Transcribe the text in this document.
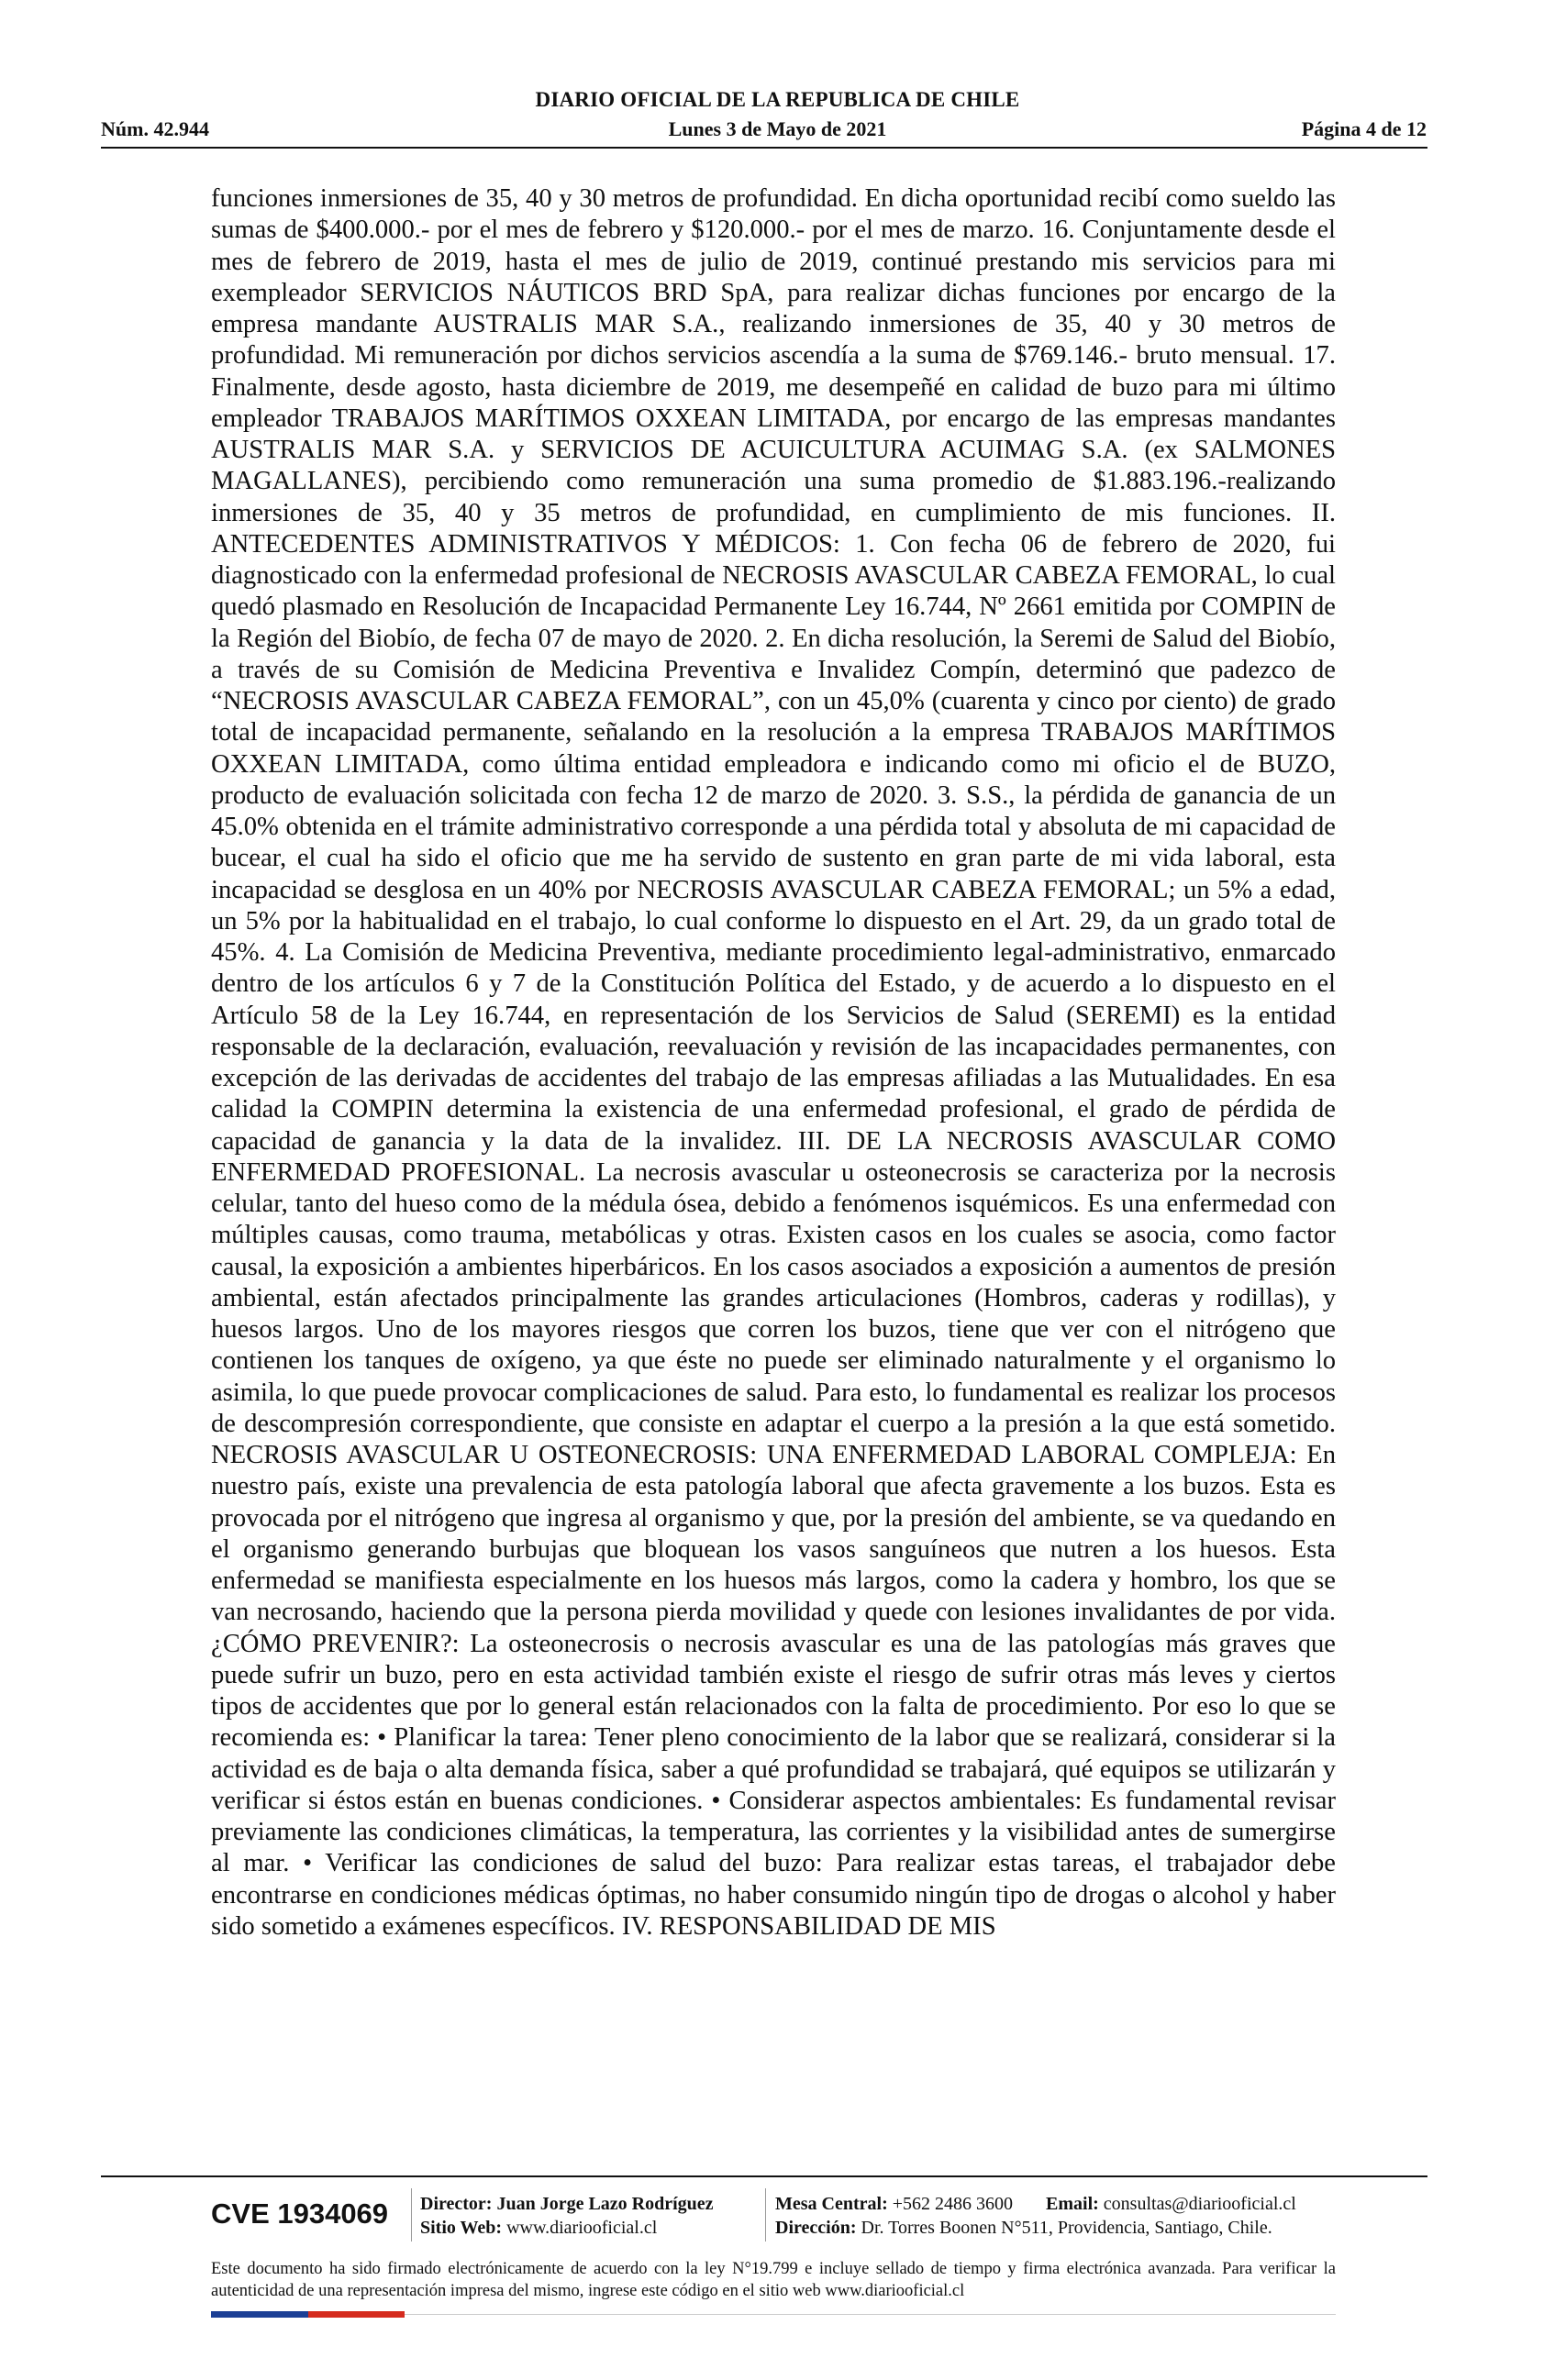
DIARIO OFICIAL DE LA REPUBLICA DE CHILE
Núm. 42.944	Lunes 3 de Mayo de 2021	Página 4 de 12
funciones inmersiones de 35, 40 y 30 metros de profundidad. En dicha oportunidad recibí como sueldo las sumas de $400.000.- por el mes de febrero y $120.000.- por el mes de marzo. 16. Conjuntamente desde el mes de febrero de 2019, hasta el mes de julio de 2019, continué prestando mis servicios para mi exempleador SERVICIOS NÁUTICOS BRD SpA, para realizar dichas funciones por encargo de la empresa mandante AUSTRALIS MAR S.A., realizando inmersiones de 35, 40 y 30 metros de profundidad. Mi remuneración por dichos servicios ascendía a la suma de $769.146.- bruto mensual. 17. Finalmente, desde agosto, hasta diciembre de 2019, me desempeñé en calidad de buzo para mi último empleador TRABAJOS MARÍTIMOS OXXEAN LIMITADA, por encargo de las empresas mandantes AUSTRALIS MAR S.A. y SERVICIOS DE ACUICULTURA ACUIMAG S.A. (ex SALMONES MAGALLANES), percibiendo como remuneración una suma promedio de $1.883.196.-realizando inmersiones de 35, 40 y 35 metros de profundidad, en cumplimiento de mis funciones. II. ANTECEDENTES ADMINISTRATIVOS Y MÉDICOS: 1. Con fecha 06 de febrero de 2020, fui diagnosticado con la enfermedad profesional de NECROSIS AVASCULAR CABEZA FEMORAL, lo cual quedó plasmado en Resolución de Incapacidad Permanente Ley 16.744, Nº 2661 emitida por COMPIN de la Región del Biobío, de fecha 07 de mayo de 2020. 2. En dicha resolución, la Seremi de Salud del Biobío, a través de su Comisión de Medicina Preventiva e Invalidez Compín, determinó que padezco de “NECROSIS AVASCULAR CABEZA FEMORAL”, con un 45,0% (cuarenta y cinco por ciento) de grado total de incapacidad permanente, señalando en la resolución a la empresa TRABAJOS MARÍTIMOS OXXEAN LIMITADA, como última entidad empleadora e indicando como mi oficio el de BUZO, producto de evaluación solicitada con fecha 12 de marzo de 2020. 3. S.S., la pérdida de ganancia de un 45.0% obtenida en el trámite administrativo corresponde a una pérdida total y absoluta de mi capacidad de bucear, el cual ha sido el oficio que me ha servido de sustento en gran parte de mi vida laboral, esta incapacidad se desglosa en un 40% por NECROSIS AVASCULAR CABEZA FEMORAL; un 5% a edad, un 5% por la habitualidad en el trabajo, lo cual conforme lo dispuesto en el Art. 29, da un grado total de 45%. 4. La Comisión de Medicina Preventiva, mediante procedimiento legal-administrativo, enmarcado dentro de los artículos 6 y 7 de la Constitución Política del Estado, y de acuerdo a lo dispuesto en el Artículo 58 de la Ley 16.744, en representación de los Servicios de Salud (SEREMI) es la entidad responsable de la declaración, evaluación, reevaluación y revisión de las incapacidades permanentes, con excepción de las derivadas de accidentes del trabajo de las empresas afiliadas a las Mutualidades. En esa calidad la COMPIN determina la existencia de una enfermedad profesional, el grado de pérdida de capacidad de ganancia y la data de la invalidez. III. DE LA NECROSIS AVASCULAR COMO ENFERMEDAD PROFESIONAL. La necrosis avascular u osteonecrosis se caracteriza por la necrosis celular, tanto del hueso como de la médula ósea, debido a fenómenos isquémicos. Es una enfermedad con múltiples causas, como trauma, metabólicas y otras. Existen casos en los cuales se asocia, como factor causal, la exposición a ambientes hiperbáricos. En los casos asociados a exposición a aumentos de presión ambiental, están afectados principalmente las grandes articulaciones (Hombros, caderas y rodillas), y huesos largos. Uno de los mayores riesgos que corren los buzos, tiene que ver con el nitrógeno que contienen los tanques de oxígeno, ya que éste no puede ser eliminado naturalmente y el organismo lo asimila, lo que puede provocar complicaciones de salud. Para esto, lo fundamental es realizar los procesos de descompresión correspondiente, que consiste en adaptar el cuerpo a la presión a la que está sometido. NECROSIS AVASCULAR U OSTEONECROSIS: UNA ENFERMEDAD LABORAL COMPLEJA: En nuestro país, existe una prevalencia de esta patología laboral que afecta gravemente a los buzos. Esta es provocada por el nitrógeno que ingresa al organismo y que, por la presión del ambiente, se va quedando en el organismo generando burbujas que bloquean los vasos sanguíneos que nutren a los huesos. Esta enfermedad se manifiesta especialmente en los huesos más largos, como la cadera y hombro, los que se van necrosando, haciendo que la persona pierda movilidad y quede con lesiones invalidantes de por vida. ¿CÓMO PREVENIR?: La osteonecrosis o necrosis avascular es una de las patologías más graves que puede sufrir un buzo, pero en esta actividad también existe el riesgo de sufrir otras más leves y ciertos tipos de accidentes que por lo general están relacionados con la falta de procedimiento. Por eso lo que se recomienda es: • Planificar la tarea: Tener pleno conocimiento de la labor que se realizará, considerar si la actividad es de baja o alta demanda física, saber a qué profundidad se trabajará, qué equipos se utilizarán y verificar si éstos están en buenas condiciones. • Considerar aspectos ambientales: Es fundamental revisar previamente las condiciones climáticas, la temperatura, las corrientes y la visibilidad antes de sumergirse al mar. • Verificar las condiciones de salud del buzo: Para realizar estas tareas, el trabajador debe encontrarse en condiciones médicas óptimas, no haber consumido ningún tipo de drogas o alcohol y haber sido sometido a exámenes específicos. IV. RESPONSABILIDAD DE MIS
CVE 1934069	Director: Juan Jorge Lazo Rodríguez
Sitio Web: www.diariooficial.cl
Mesa Central: +562 2486 3600 Email: consultas@diariooficial.cl
Dirección: Dr. Torres Boonen N°511, Providencia, Santiago, Chile.
Este documento ha sido firmado electrónicamente de acuerdo con la ley N°19.799 e incluye sellado de tiempo y firma electrónica avanzada. Para verificar la autenticidad de una representación impresa del mismo, ingrese este código en el sitio web www.diariooficial.cl
